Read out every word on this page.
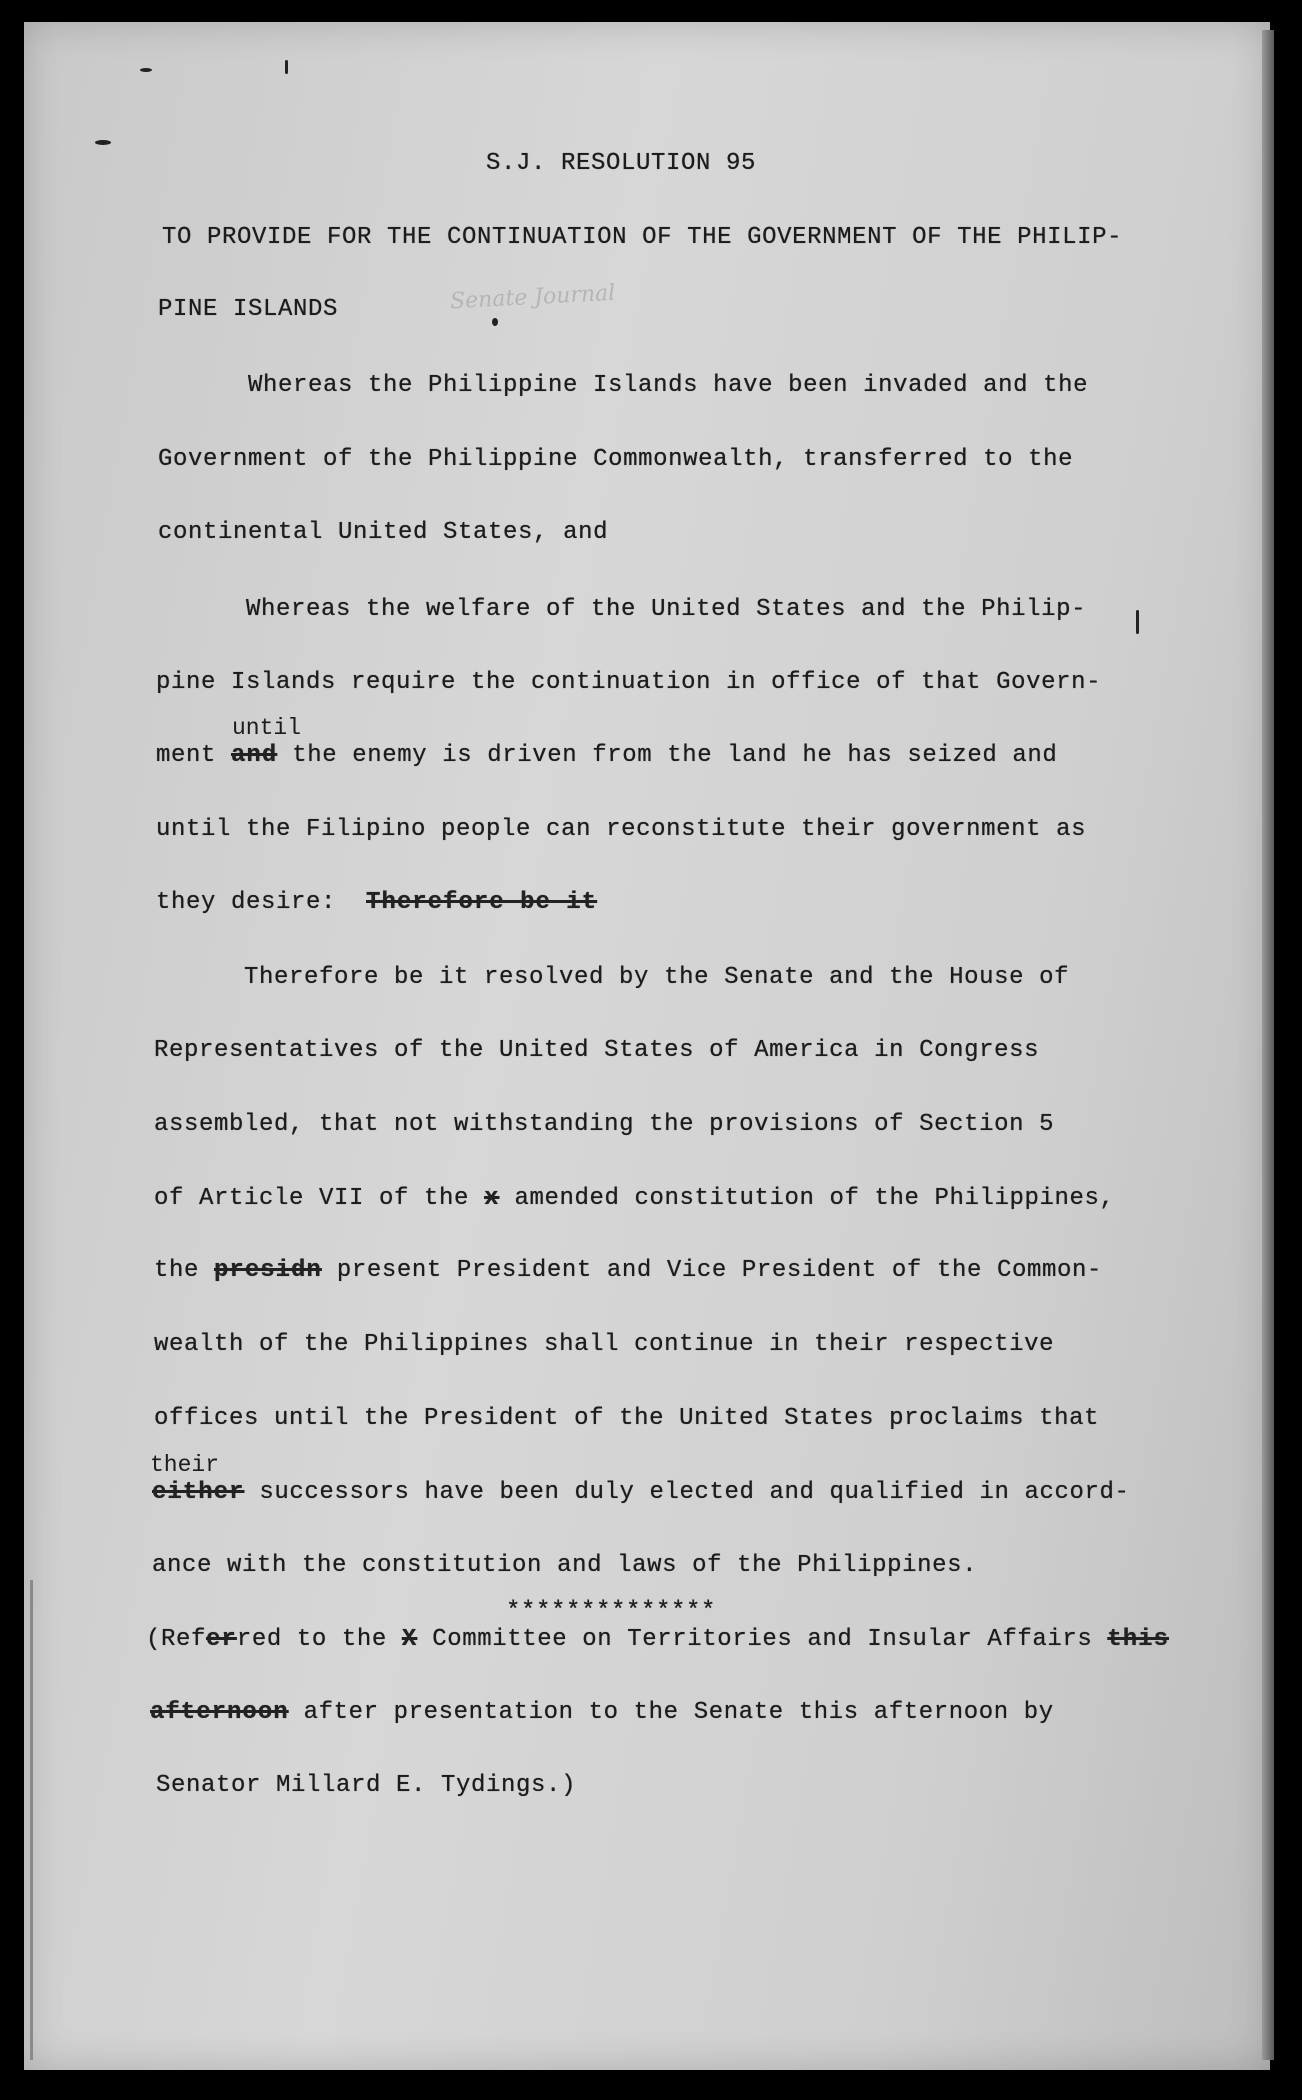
Senate Journal
S.J. RESOLUTION 95
TO PROVIDE FOR THE CONTINUATION OF THE GOVERNMENT OF THE PHILIP-
PINE ISLANDS
Whereas the Philippine Islands have been invaded and the
Government of the Philippine Commonwealth, transferred to the
continental United States, and
Whereas the welfare of the United States and the Philip-
pine Islands require the continuation in office of that Govern-
until
ment and the enemy is driven from the land he has seized and
until the Filipino people can reconstitute their government as
they desire:  Therefore be it
Therefore be it resolved by the Senate and the House of
Representatives of the United States of America in Congress
assembled, that not withstanding the provisions of Section 5
of Article VII of the x amended constitution of the Philippines,
the presidn present President and Vice President of the Common-
wealth of the Philippines shall continue in their respective
offices until the President of the United States proclaims that
their
either successors have been duly elected and qualified in accord-
ance with the constitution and laws of the Philippines.
**************
(Referred to the X Committee on Territories and Insular Affairs this
afternoon after presentation to the Senate this afternoon by
Senator Millard E. Tydings.)
